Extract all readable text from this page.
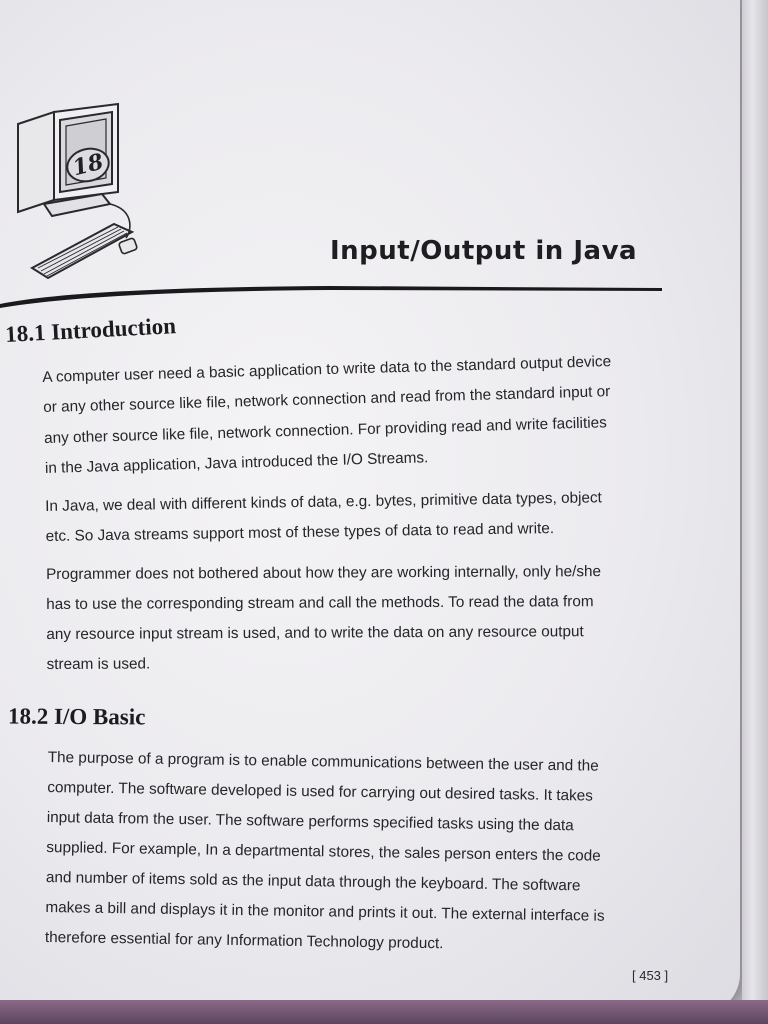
18
Input/Output in Java
18.1 Introduction
A computer user need a basic application to write data to the standard output device
or any other source like file, network connection and read from the standard input or
any other source like file, network connection. For providing read and write facilities
in the Java application, Java introduced the I/O Streams.
In Java, we deal with different kinds of data, e.g. bytes, primitive data types, object
etc. So Java streams support most of these types of data to read and write.
Programmer does not bothered about how they are working internally, only he/she
has to use the corresponding stream and call the methods. To read the data from
any resource input stream is used, and to write the data on any resource output
stream is used.
18.2 I/O Basic
The purpose of a program is to enable communications between the user and the
computer. The software developed is used for carrying out desired tasks. It takes
input data from the user. The software performs specified tasks using the data
supplied. For example, In a departmental stores, the sales person enters the code
and number of items sold as the input data through the keyboard. The software
makes a bill and displays it in the monitor and prints it out. The external interface is
therefore essential for any Information Technology product.
[ 453 ]
